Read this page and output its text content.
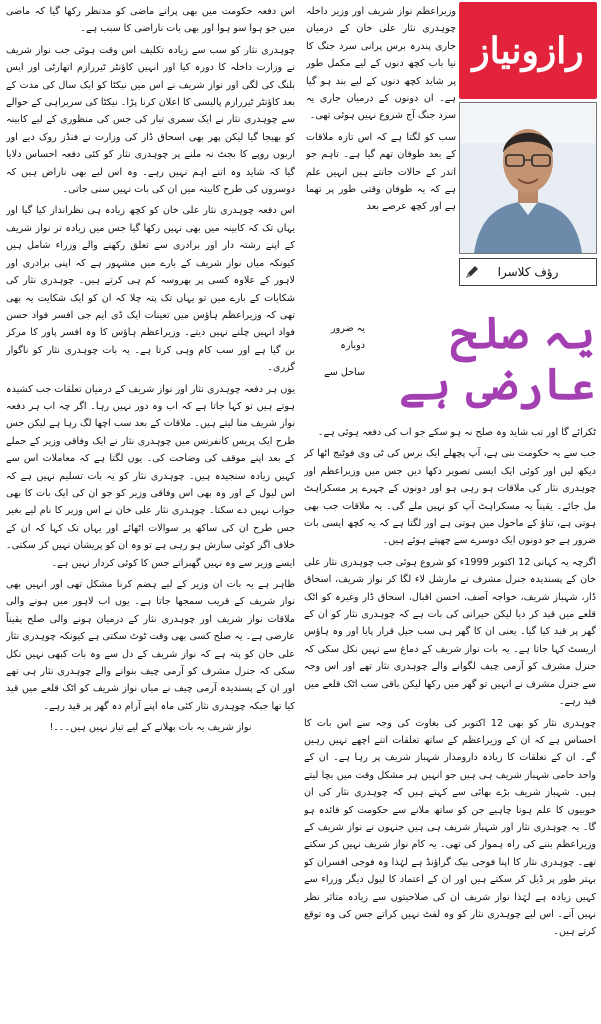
رازونیاز
رؤف کلاسرا

وزیراعظم نواز شریف اور وزیر داخلہ چوہدری نثار علی خان کے درمیان جاری پندرہ برس پرانی سرد جنگ کا نیا باب کچھ دنوں کے لیے مکمل طور پر شاید کچھ دنوں کے لیے بند ہو گیا ہے۔ ان دونوں کے درمیان جاری یہ سرد جنگ آج شروع نہیں ہوئی تھی۔

سب کو لگتا ہے کہ اس تازہ ملاقات کے بعد طوفان تھم گیا ہے۔ تاہم جو اندر کے حالات جانتے ہیں انہیں علم ہے کہ یہ طوفان وقتی طور پر تھما ہے اور کچھ عرصے بعد

یہ ضرور دوبارہ
ساحل سے
یہ صلح عارضی ہے

ٹکرائے گا اور تب شاید وہ صلح نہ ہو سکے جو اب کی دفعہ ہوئی ہے۔

جب سے یہ حکومت بنی ہے، آپ پچھلے ایک برس کی ٹی وی فوٹیج اٹھا کر دیکھ لیں اور کوئی ایک ایسی تصویر دکھا دیں جس میں وزیراعظم اور چوہدری نثار کی ملاقات ہو رہی ہو اور دونوں کے چہرے پر مسکراہٹ مل جائے۔ یقیناً یہ مسکراہٹ آپ کو نہیں ملے گی۔ یہ ملاقات جب بھی ہوتی ہے، تناؤ کے ماحول میں ہوتی ہے اور لگتا ہے کہ یہ کچھ ایسی بات ضرور ہے جو دونوں ایک دوسرے سے چھپتے ہوئے ہیں۔

اگرچہ یہ کہانی 12 اکتوبر 1999ء کو شروع ہوئی جب چوہدری نثار علی خان کے پسندیدہ جنرل مشرف نے مارشل لاء لگا کر نواز شریف، اسحاق ڈار، شہباز شریف، خواجہ آصف، احسن اقبال، اسحاق ڈار وغیرہ کو اٹک قلعے میں قید کر دیا لیکن حیرانی کی بات ہے کہ چوہدری نثار کو ان کے گھر پر قید کیا گیا۔ یعنی ان کا گھر ہی سب جیل قرار پایا اور وہ ہاؤس اریسٹ کہا جاتا ہے۔ یہ بات نواز شریف کے دماغ سے نہیں نکل سکی کہ جنرل مشرف کو آرمی چیف لگوانے والے چوہدری نثار تھے اور اس وجہ سے جنرل مشرف نے انہیں تو گھر میں رکھا لیکن باقی سب اٹک قلعے میں قید رہے۔

چوہدری نثار کو بھی 12 اکتوبر کی بغاوت کی وجہ سے اس بات کا احساس ہے کہ ان کے وزیراعظم کے ساتھ تعلقات اتنے اچھے نہیں رہیں گے۔ ان کے تعلقات کا زیادہ دارومدار شہباز شریف پر رہا ہے۔ ان کے واحد حامی شہباز شریف ہی ہیں جو انہیں ہر مشکل وقت میں بچا لیتے ہیں۔ شہباز شریف بڑے بھائی سے کہتے ہیں کہ چوہدری نثار کی ان خوبیوں کا علم ہونا چاہیے جن کو ساتھ ملانے سے حکومت کو فائدہ ہو گا۔ یہ چوہدری نثار اور شہباز شریف ہی ہیں جنہوں نے نواز شریف کے وزیراعظم بننے کی راہ ہموار کی تھی۔ یہ کام نواز شریف نہیں کر سکتے تھے۔ چوہدری نثار کا اپنا فوجی بیک گراؤنڈ ہے لہٰذا وہ فوجی افسران کو بہتر طور پر ڈیل کر سکتے ہیں اور ان کے اعتماد کا لیول دیگر وزراء سے کہیں زیادہ ہے لہٰذا نواز شریف ان کی صلاحیتوں سے زیادہ متاثر نظر نہیں آتے۔ اس لیے چوہدری نثار کو وہ لفٹ نہیں کراتے جس کی وہ توقع کرتے ہیں۔

اس دفعہ حکومت میں بھی پرانے ماضی کو مدنظر رکھا گیا کہ ماضی میں جو ہوا سو ہوا اور بھی بات ناراضی کا سبب ہے۔

چوہدری نثار کو سب سے زیادہ تکلیف اس وقت ہوئی جب نواز شریف نے وزارت داخلہ کا دورہ کیا اور انہیں کاؤنٹر ٹیررازم اتھارٹی اور ایس بلنگ کی لگی اور نواز شریف نے اس میں نیکٹا کو ایک سال کی مدت کے بعد کاؤنٹر ٹیررازم پالیسی کا اعلان کرنا پڑا۔ نیکٹا کی سربراہی کے حوالے سے چوہدری نثار نے ایک سمری تیار کی جس کی منظوری کے لیے کابینہ کو بھیجا گیا لیکن پھر بھی اسحاق ڈار کی وزارت نے فنڈز روک دیے اور اربوں روپے کا بجٹ نہ ملنے پر چوہدری نثار کو کئی دفعہ احساس دلایا گیا کہ شاید وہ اتنے اہم نہیں رہے۔ وہ اس لیے بھی ناراض ہیں کہ دوسروں کی طرح کابینہ میں ان کی بات نہیں سنی جاتی۔

اس دفعہ چوہدری نثار علی خان کو کچھ زیادہ ہی نظرانداز کیا گیا اور یہاں تک کہ کابینہ میں بھی نہیں رکھا گیا جس میں زیادہ تر نواز شریف کے اپنے رشتہ دار اور برادری سے تعلق رکھنے والے وزراء شامل ہیں کیونکہ میاں نواز شریف کے بارے میں مشہور ہے کہ اپنی برادری اور لاہور کے علاوہ کسی پر بھروسہ کم ہی کرتے ہیں۔ چوہدری نثار کی شکایات کے بارے میں تو یہاں تک پتہ چلا کہ ان کو ایک شکایت یہ بھی تھی کہ وزیراعظم ہاؤس میں تعینات ایک ڈی ایم جی افسر فواد حسن فواد انہیں چلنے نہیں دیتے۔ وزیراعظم ہاؤس کا وہ افسر پاور کا مرکز بن گیا ہے اور سب کام وہی کرتا ہے۔ یہ بات چوہدری نثار کو ناگوار گزری۔

یوں ہر دفعہ چوہدری نثار اور نواز شریف کے درمیان تعلقات جب کشیدہ ہوتے ہیں تو کہا جاتا ہے کہ اب وہ دور نہیں رہا۔ اگر چہ اب ہر دفعہ نواز شریف منا لیتے ہیں۔ ملاقات کے بعد سب اچھا لگ رہا ہے لیکن جس طرح ایک پریس کانفرنس میں چوہدری نثار نے ایک وفاقی وزیر کے حملے کے بعد اپنے موقف کی وضاحت کی۔ یوں لگتا ہے کہ معاملات اس سے کہیں زیادہ سنجیدہ ہیں۔ چوہدری نثار کو یہ بات تسلیم نہیں ہے کہ اس لیول کے اور وہ بھی اس وفاقی وزیر کو جو ان کی ایک بات کا بھی جواب نہیں دے سکتا۔ چوہدری نثار علی خان نے اس وزیر کا نام لیے بغیر جس طرح ان کی ساکھ پر سوالات اٹھائے اور یہاں تک کہا کہ ان کے خلاف اگر کوئی سازش ہو رہی ہے تو وہ ان کو پریشان نہیں کر سکتی۔ ایسے وزیر سے وہ نہیں گھبراتے جس کا کوئی کردار نہیں ہے۔

ظاہر ہے یہ بات ان وزیر کے لیے ہضم کرنا مشکل تھی اور انہیں بھی نواز شریف کے قریب سمجھا جاتا ہے۔ یوں اب لاہور میں ہونے والی ملاقات نواز شریف اور چوہدری نثار کے درمیان ہونے والی صلح یقیناً عارضی ہے۔ یہ صلح کسی بھی وقت ٹوٹ سکتی ہے کیونکہ چوہدری نثار علی خان کو پتہ ہے کہ نواز شریف کے دل سے وہ بات کبھی نہیں نکل سکی کہ جنرل مشرف کو آرمی چیف بنوانے والے چوہدری نثار ہی تھے اور ان کے پسندیدہ آرمی چیف نے میاں نواز شریف کو اٹک قلعے میں قید کیا تھا جبکہ چوہدری نثار کئی ماہ اپنے آرام دہ گھر پر قید رہے۔

نواز شریف یہ بات بھلانے کے لیے تیار نہیں ہیں۔۔۔!
